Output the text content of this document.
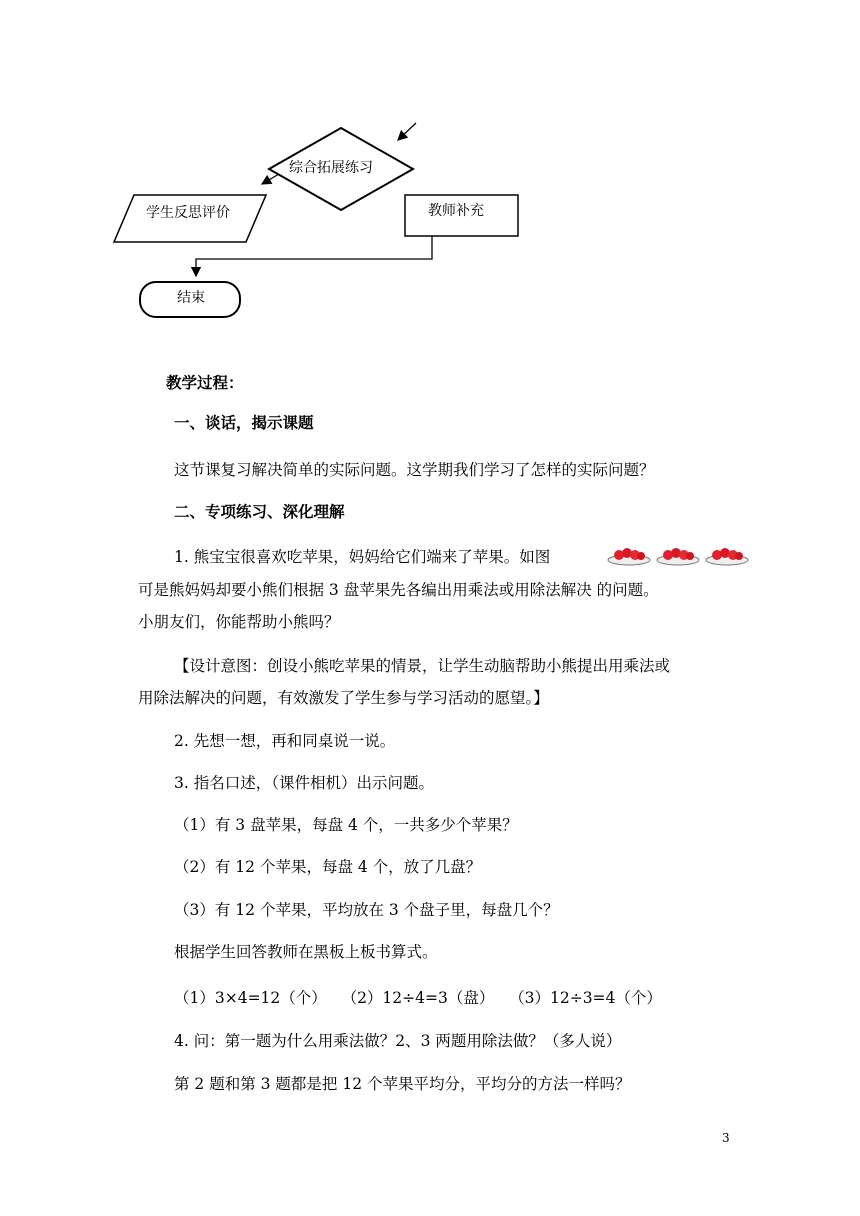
综合拓展练习
学生反思评价	教师补充
结束
教学过程：
一、谈话，揭示课题
这节课复习解决简单的实际问题。这学期我们学习了怎样的实际问题？
二、专项练习、深化理解
1. 熊宝宝很喜欢吃苹果，妈妈给它们端来了苹果。如图
可是熊妈妈却要小熊们根据 3 盘苹果先各编出用乘法或用除法解决 的问题。
小朋友们，你能帮助小熊吗？
【设计意图：创设小熊吃苹果的情景，让学生动脑帮助小熊提出用乘法或
用除法解决的问题，有效激发了学生参与学习活动的愿望。】
2. 先想一想，再和同桌说一说。
3. 指名口述，（课件相机）出示问题。
（1）有 3 盘苹果，每盘 4 个，一共多少个苹果？
（2）有 12 个苹果，每盘 4 个，放了几盘？
（3）有 12 个苹果，平均放在 3 个盘子里，每盘几个？
根据学生回答教师在黑板上板书算式。
（1）3×4=12（个）   （2）12÷4=3（盘）   （3）12÷3=4（个）
4. 问：第一题为什么用乘法做？2、3 两题用除法做？（多人说）
第 2 题和第 3 题都是把 12 个苹果平均分，平均分的方法一样吗？
3
